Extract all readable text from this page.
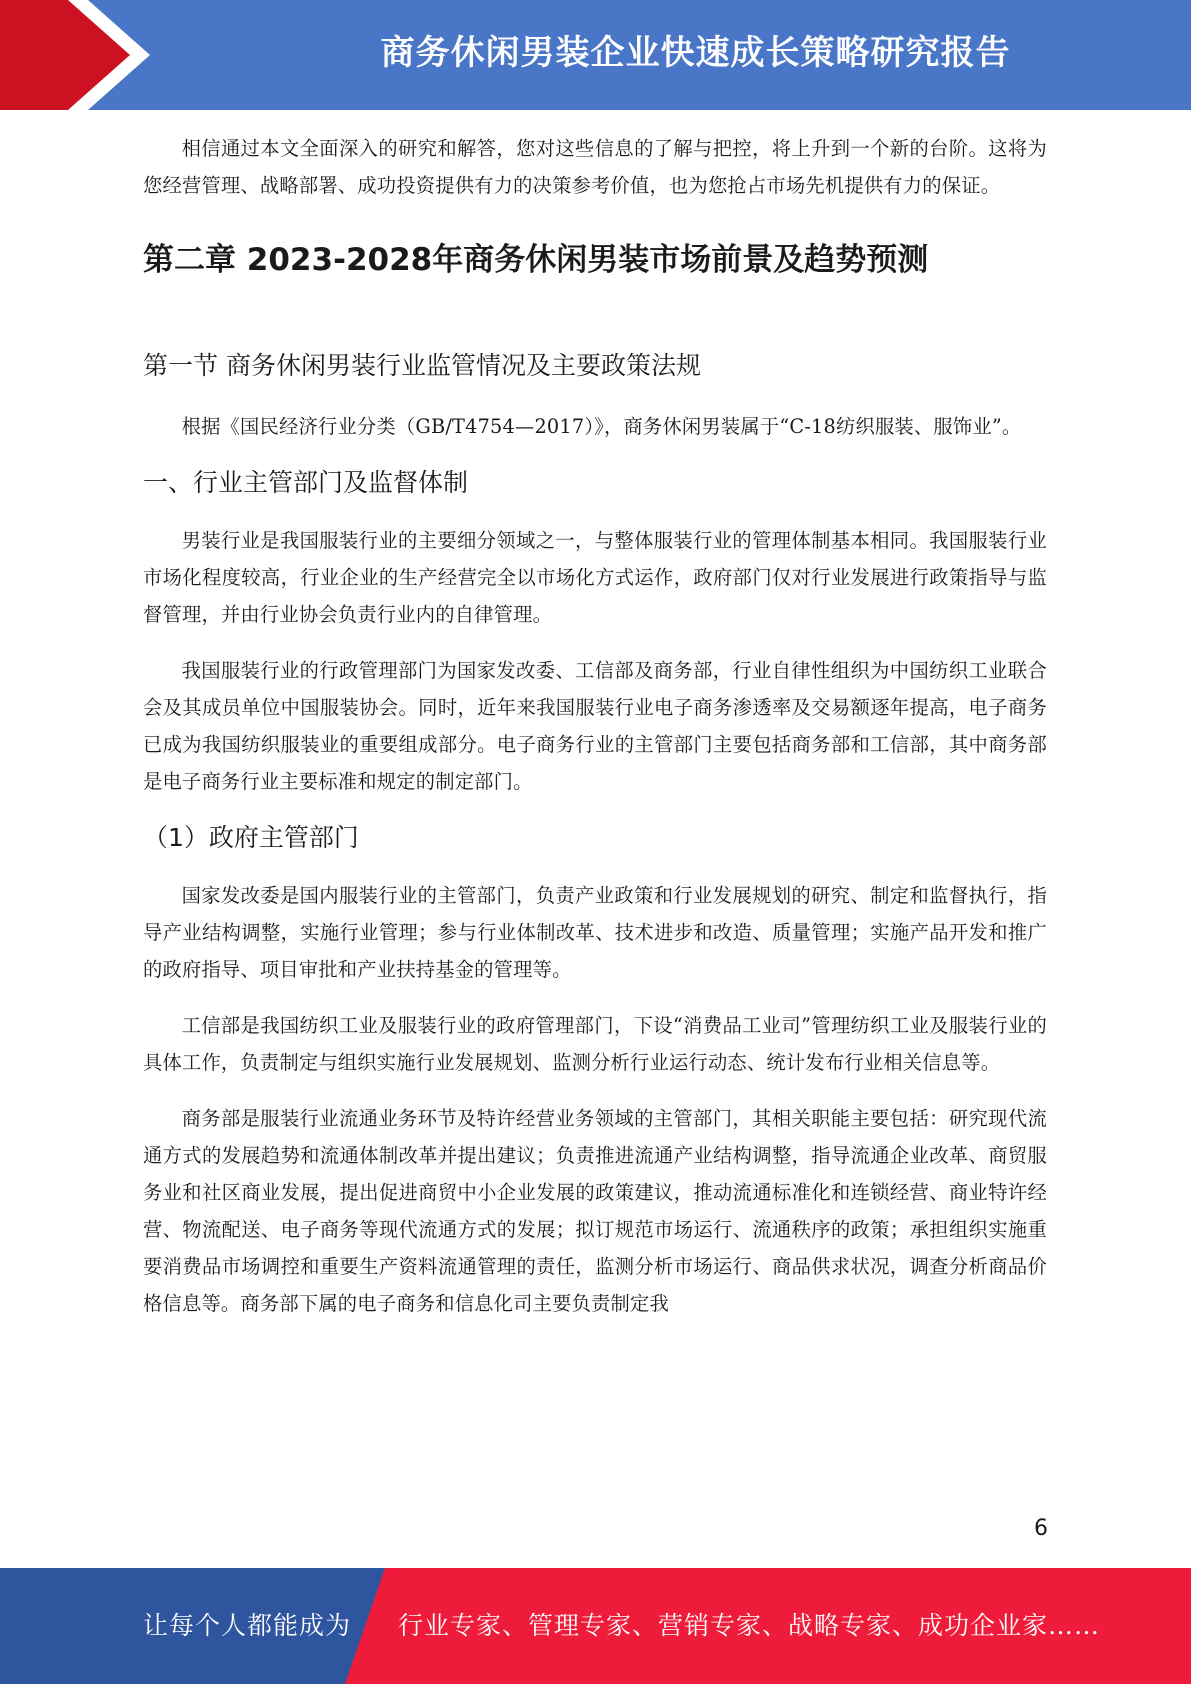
商务休闲男装企业快速成长策略研究报告

相信通过本文全面深入的研究和解答，您对这些信息的了解与把控，将上升到一个新的台阶。这将为您经营管理、战略部署、成功投资提供有力的决策参考价值，也为您抢占市场先机提供有力的保证。

第二章 2023-2028年商务休闲男装市场前景及趋势预测
第一节 商务休闲男装行业监管情况及主要政策法规

根据《国民经济行业分类（GB/T4754—2017）》，商务休闲男装属于“C-18纺织服装、服饰业”。

一、行业主管部门及监督体制

男装行业是我国服装行业的主要细分领域之一，与整体服装行业的管理体制基本相同。我国服装行业市场化程度较高，行业企业的生产经营完全以市场化方式运作，政府部门仅对行业发展进行政策指导与监督管理，并由行业协会负责行业内的自律管理。

我国服装行业的行政管理部门为国家发改委、工信部及商务部，行业自律性组织为中国纺织工业联合会及其成员单位中国服装协会。同时，近年来我国服装行业电子商务渗透率及交易额逐年提高，电子商务已成为我国纺织服装业的重要组成部分。电子商务行业的主管部门主要包括商务部和工信部，其中商务部是电子商务行业主要标准和规定的制定部门。

（1）政府主管部门

国家发改委是国内服装行业的主管部门，负责产业政策和行业发展规划的研究、制定和监督执行，指导产业结构调整，实施行业管理；参与行业体制改革、技术进步和改造、质量管理；实施产品开发和推广的政府指导、项目审批和产业扶持基金的管理等。

工信部是我国纺织工业及服装行业的政府管理部门，下设“消费品工业司”管理纺织工业及服装行业的具体工作，负责制定与组织实施行业发展规划、监测分析行业运行动态、统计发布行业相关信息等。

商务部是服装行业流通业务环节及特许经营业务领域的主管部门，其相关职能主要包括：研究现代流通方式的发展趋势和流通体制改革并提出建议；负责推进流通产业结构调整，指导流通企业改革、商贸服务业和社区商业发展，提出促进商贸中小企业发展的政策建议，推动流通标准化和连锁经营、商业特许经营、物流配送、电子商务等现代流通方式的发展；拟订规范市场运行、流通秩序的政策；承担组织实施重要消费品市场调控和重要生产资料流通管理的责任，监测分析市场运行、商品供求状况，调查分析商品价格信息等。商务部下属的电子商务和信息化司主要负责制定我

6
让每个人都能成为 行业专家、管理专家、营销专家、战略专家、成功企业家……
